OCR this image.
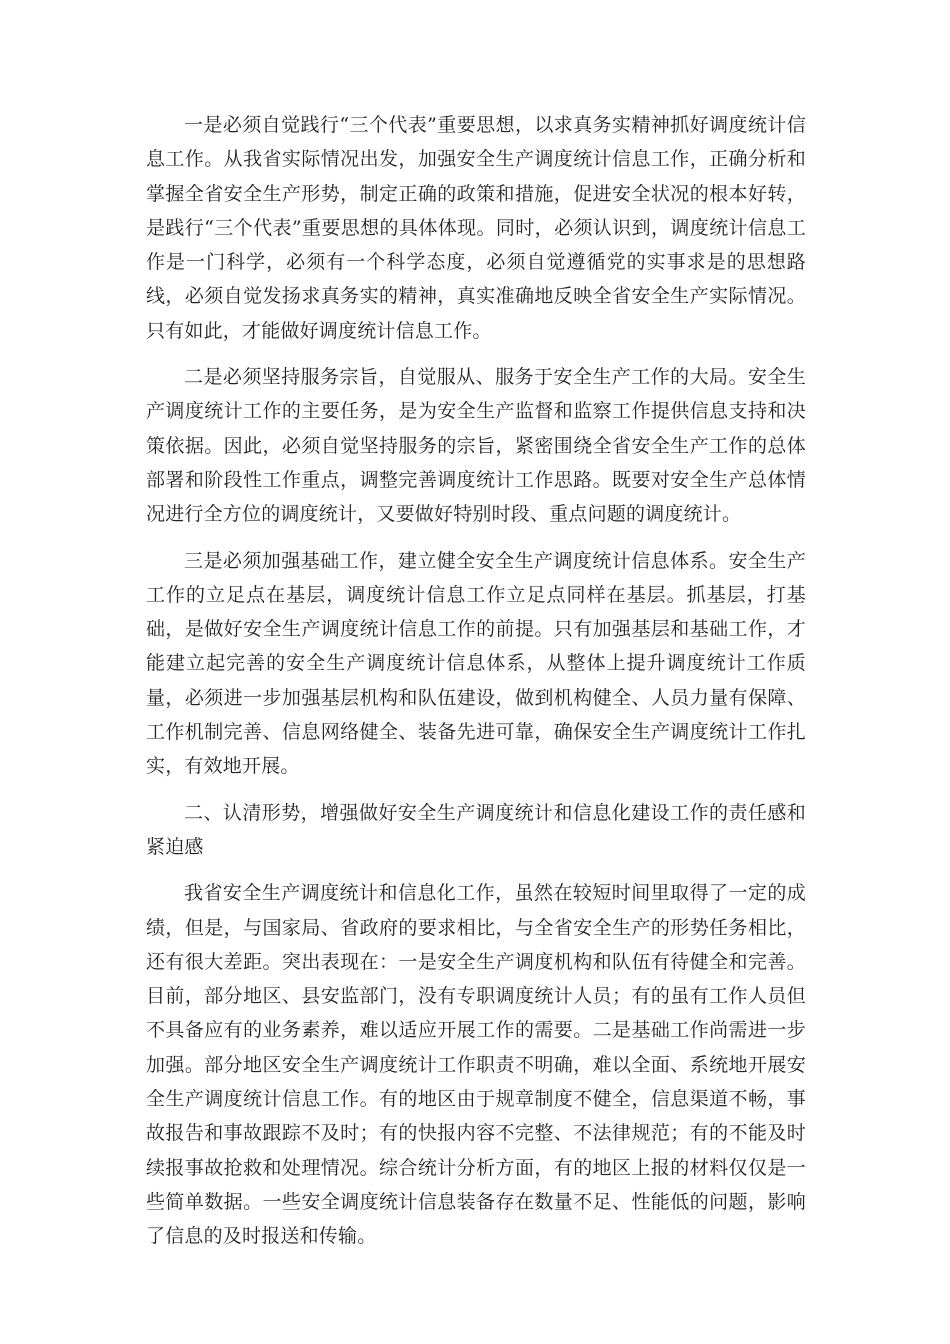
一是必须自觉践行“三个代表”重要思想，以求真务实精神抓好调度统计信息工作。从我省实际情况出发，加强安全生产调度统计信息工作，正确分析和掌握全省安全生产形势，制定正确的政策和措施，促进安全状况的根本好转，是践行“三个代表”重要思想的具体体现。同时，必须认识到，调度统计信息工作是一门科学，必须有一个科学态度，必须自觉遵循党的实事求是的思想路线，必须自觉发扬求真务实的精神，真实准确地反映全省安全生产实际情况。只有如此，才能做好调度统计信息工作。

二是必须坚持服务宗旨，自觉服从、服务于安全生产工作的大局。安全生产调度统计工作的主要任务，是为安全生产监督和监察工作提供信息支持和决策依据。因此，必须自觉坚持服务的宗旨，紧密围绕全省安全生产工作的总体部署和阶段性工作重点，调整完善调度统计工作思路。既要对安全生产总体情况进行全方位的调度统计，又要做好特别时段、重点问题的调度统计。

三是必须加强基础工作，建立健全安全生产调度统计信息体系。安全生产工作的立足点在基层，调度统计信息工作立足点同样在基层。抓基层，打基础，是做好安全生产调度统计信息工作的前提。只有加强基层和基础工作，才能建立起完善的安全生产调度统计信息体系，从整体上提升调度统计工作质量，必须进一步加强基层机构和队伍建设，做到机构健全、人员力量有保障、工作机制完善、信息网络健全、装备先进可靠，确保安全生产调度统计工作扎实，有效地开展。

二、认清形势，增强做好安全生产调度统计和信息化建设工作的责任感和紧迫感

我省安全生产调度统计和信息化工作，虽然在较短时间里取得了一定的成绩，但是，与国家局、省政府的要求相比，与全省安全生产的形势任务相比，还有很大差距。突出表现在：一是安全生产调度机构和队伍有待健全和完善。目前，部分地区、县安监部门，没有专职调度统计人员；有的虽有工作人员但不具备应有的业务素养，难以适应开展工作的需要。二是基础工作尚需进一步加强。部分地区安全生产调度统计工作职责不明确，难以全面、系统地开展安全生产调度统计信息工作。有的地区由于规章制度不健全，信息渠道不畅，事故报告和事故跟踪不及时；有的快报内容不完整、不法律规范；有的不能及时续报事故抢救和处理情况。综合统计分析方面，有的地区上报的材料仅仅是一些简单数据。一些安全调度统计信息装备存在数量不足、性能低的问题，影响了信息的及时报送和传输。
